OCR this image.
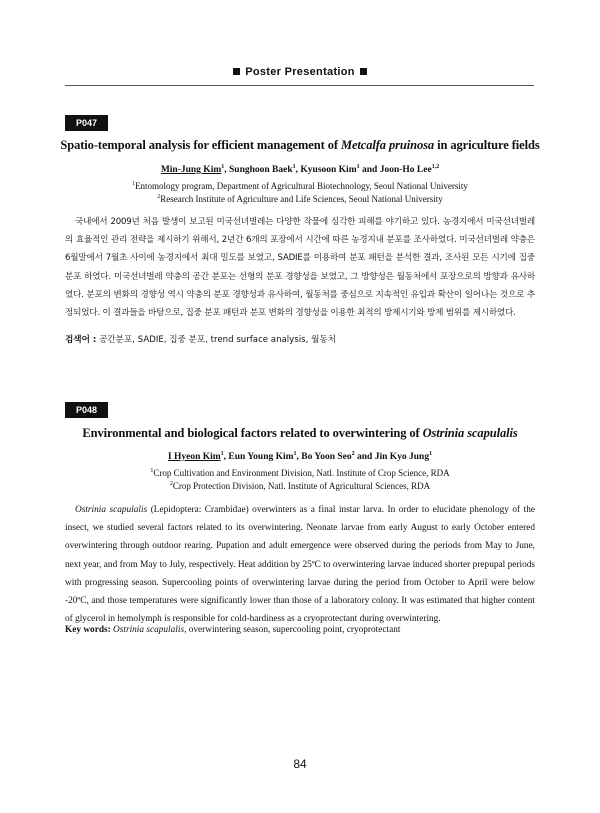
Poster Presentation
P047
Spatio-temporal analysis for efficient management of Metcalfa pruinosa in agriculture fields
Min-Jung Kim$^1$, Sunghoon Baek$^1$, Kyusoon Kim$^1$ and Joon-Ho Lee$^{1,2}$
$^1$Entomology program, Department of Agricultural Biotechnology, Seoul National University
$^2$Research Institute of Agriculture and Life Sciences, Seoul National University
국내에서 2009년 처음 발생이 보고된 미국선녀벌레는 다양한 작물에 심각한 피해를 야기하고 있다. 농경지에서 미국선녀벌레의 효율적인 관리 전략을 제시하기 위해서, 2년간 6개의 포장에서 시간에 따른 농경지내 분포를 조사하였다. 미국선녀벌레 약충은 6월말에서 7월초 사이에 농경지에서 최대 밀도를 보였고, SADIE를 이용하여 분포 패턴을 분석한 결과, 조사된 모든 시기에 집중분포 하였다. 미국선녀벌레 약충의 공간 분포는 선형의 분포 경향성을 보였고, 그 방향성은 월동처에서 포장으로의 방향과 유사하였다. 분포의 변화의 경향성 역시 약충의 분포 경향성과 유사하여, 월동처를 중심으로 지속적인 유입과 확산이 일어나는 것으로 추정되었다. 이 결과들을 바탕으로, 집중 분포 패턴과 분포 변화의 경향성을 이용한 최적의 방제시기와 방제 범위를 제시하였다.
검색어 : 공간분포, SADIE, 집중 분포, trend surface analysis, 월동처
P048
Environmental and biological factors related to overwintering of Ostrinia scapulalis
I Hyeon Kim$^1$, Eun Young Kim$^1$, Bo Yoon Seo$^2$ and Jin Kyo Jung$^1$
$^1$Crop Cultivation and Environment Division, Natl. Institute of Crop Science, RDA
$^2$Crop Protection Division, Natl. Institute of Agricultural Sciences, RDA
Ostrinia scapulalis (Lepidoptera: Crambidae) overwinters as a final instar larva. In order to elucidate phenology of the insect, we studied several factors related to its overwintering. Neonate larvae from early August to early October entered overwintering through outdoor rearing. Pupation and adult emergence were observed during the periods from May to June, next year, and from May to July, respectively. Heat addition by 25ºC to overwintering larvae induced shorter prepupal periods with progressing season. Supercooling points of overwintering larvae during the period from October to April were below -20ºC, and those temperatures were significantly lower than those of a laboratory colony. It was estimated that higher content of glycerol in hemolymph is responsible for cold-hardiness as a cryoprotectant during overwintering.
Key words: Ostrinia scapulalis, overwintering season, supercooling point, cryoprotectant
84
